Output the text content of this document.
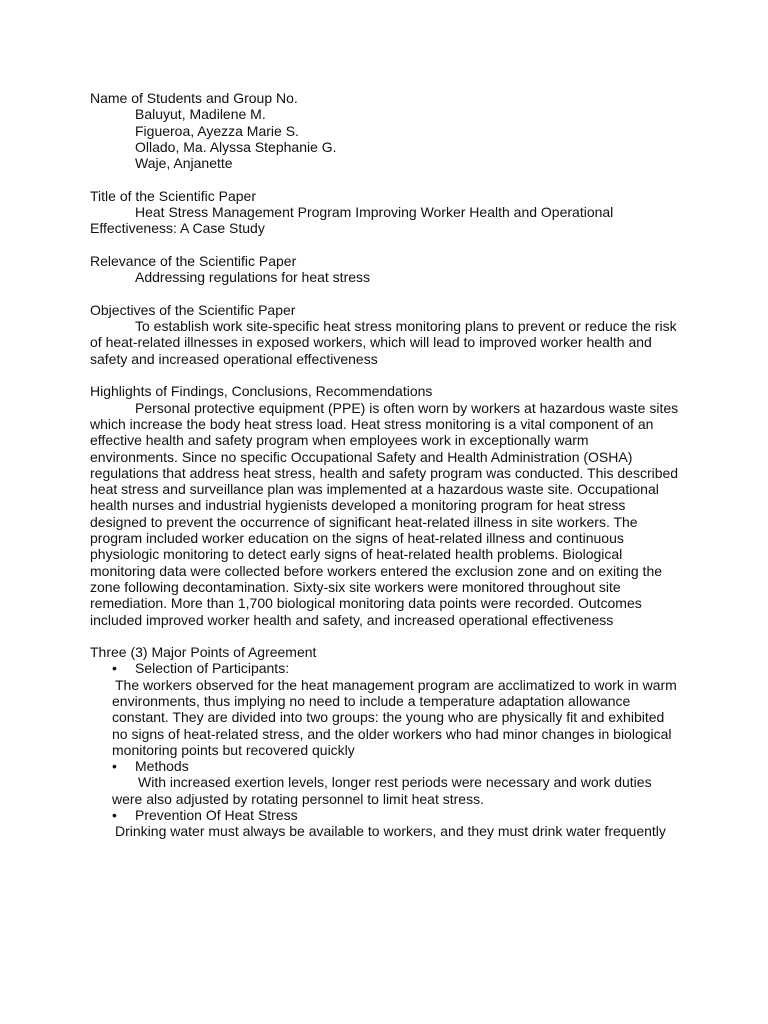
Name of Students and Group No.

Baluyut, Madilene M.

Figueroa, Ayezza Marie S.

Ollado, Ma. Alyssa Stephanie G.

Waje, Anjanette

Title of the Scientific Paper

Heat Stress Management Program Improving Worker Health and Operational Effectiveness: A Case Study

Relevance of the Scientific Paper

Addressing regulations for heat stress

Objectives of the Scientific Paper

To establish work site-specific heat stress monitoring plans to prevent or reduce the risk of heat-related illnesses in exposed workers, which will lead to improved worker health and safety and increased operational effectiveness

Highlights of Findings, Conclusions, Recommendations

Personal protective equipment (PPE) is often worn by workers at hazardous waste sites which increase the body heat stress load. Heat stress monitoring is a vital component of an effective health and safety program when employees work in exceptionally warm environments. Since no specific Occupational Safety and Health Administration (OSHA) regulations that address heat stress, health and safety program was conducted. This described heat stress and surveillance plan was implemented at a hazardous waste site. Occupational health nurses and industrial hygienists developed a monitoring program for heat stress designed to prevent the occurrence of significant heat-related illness in site workers. The program included worker education on the signs of heat-related illness and continuous physiologic monitoring to detect early signs of heat-related health problems. Biological monitoring data were collected before workers entered the exclusion zone and on exiting the zone following decontamination. Sixty-six site workers were monitored throughout site remediation. More than 1,700 biological monitoring data points were recorded. Outcomes included improved worker health and safety, and increased operational effectiveness

Three (3) Major Points of Agreement

• Selection of Participants:

The workers observed for the heat management program are acclimatized to work in warm environments, thus implying no need to include a temperature adaptation allowance constant. They are divided into two groups: the young who are physically fit and exhibited no signs of heat-related stress, and the older workers who had minor changes in biological monitoring points but recovered quickly

• Methods

With increased exertion levels, longer rest periods were necessary and work duties were also adjusted by rotating personnel to limit heat stress.

• Prevention Of Heat Stress

Drinking water must always be available to workers, and they must drink water frequently
